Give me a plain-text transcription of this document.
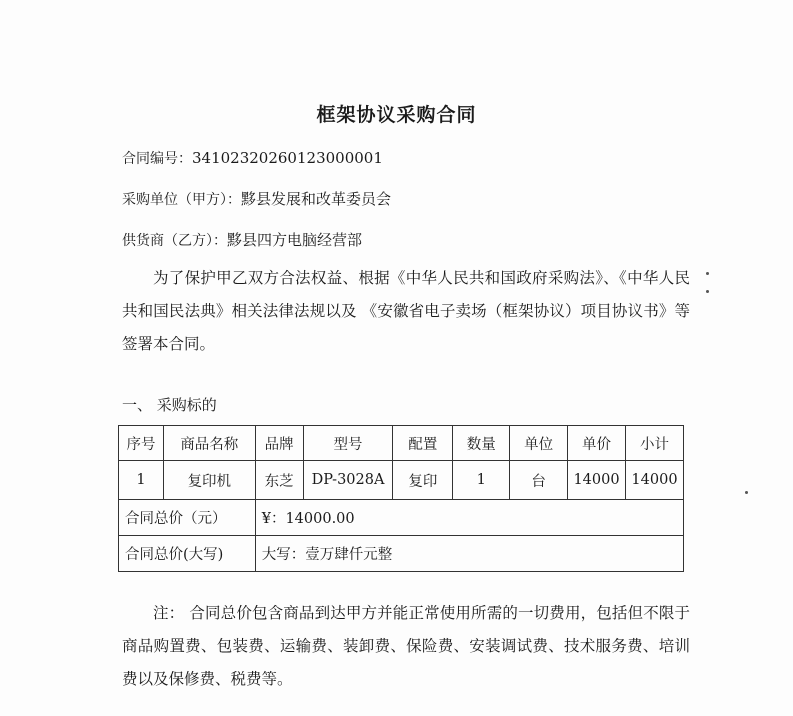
框架协议采购合同
合同编号：34102320260123000001
采购单位（甲方）：黟县发展和改革委员会
供货商（乙方）：黟县四方电脑经营部
为了保护甲乙双方合法权益、根据《中华人民共和国政府采购法》、《中华人民共和国民法典》相关法律法规以及 《安徽省电子卖场（框架协议）项目协议书》等签署本合同。
一、 采购标的
序号	商品名称	品牌	型号	配置	数量	单位	单价	小计
1	复印机	东芝	DP-3028A	复印	1	台	14000	14000
合同总价（元）		¥：14000.00						
合同总价(大写)		大写：壹万肆仟元整						
注： 合同总价包含商品到达甲方并能正常使用所需的一切费用，包括但不限于商品购置费、包装费、运输费、装卸费、保险费、安装调试费、技术服务费、培训费以及保修费、税费等。
